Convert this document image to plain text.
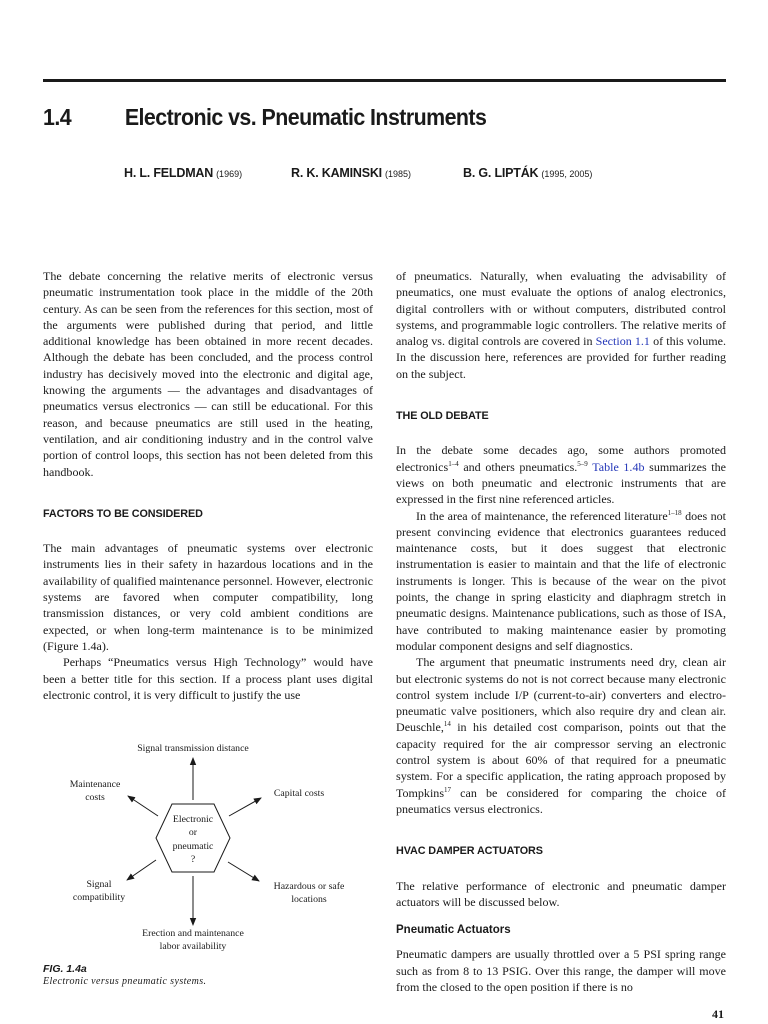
1.4 Electronic vs. Pneumatic Instruments
H. L. FELDMAN (1969)	R. K. KAMINSKI (1985)	B. G. LIPTÁK (1995, 2005)

The debate concerning the relative merits of electronic versus pneumatic instrumentation took place in the middle of the 20th century. As can be seen from the references for this section, most of the arguments were published during that period, and little additional knowledge has been obtained in more recent decades. Although the debate has been concluded, and the process control industry has decisively moved into the electronic and digital age, knowing the arguments — the advantages and disadvantages of pneumatics versus electronics — can still be educational. For this reason, and because pneumatics are still used in the heating, ventilation, and air conditioning industry and in the control valve portion of control loops, this section has not been deleted from this handbook.

FACTORS TO BE CONSIDERED

The main advantages of pneumatic systems over electronic instruments lies in their safety in hazardous locations and in the availability of qualified maintenance personnel. However, electronic systems are favored when computer compatibility, long transmission distances, or very cold ambient conditions are expected, or when long-term maintenance is to be minimized (Figure 1.4a).

Perhaps “Pneumatics versus High Technology” would have been a better title for this section. If a process plant uses digital electronic control, it is very difficult to justify the use

Electronic
or
pneumatic
?
Signal transmission distance
Maintenance
costs	Capital costs
Signal
compatibility
Hazardous or safe
locations
Erection and maintenance
labor availability
FIG. 1.4a
Electronic versus pneumatic systems.

of pneumatics. Naturally, when evaluating the advisability of pneumatics, one must evaluate the options of analog electronics, digital controllers with or without computers, distributed control systems, and programmable logic controllers. The relative merits of analog vs. digital controls are covered in Section 1.1 of this volume. In the discussion here, references are provided for further reading on the subject.

THE OLD DEBATE

In the debate some decades ago, some authors promoted electronics$^{1-4}$ and others pneumatics.$^{5-9}$ Table 1.4b summarizes the views on both pneumatic and electronic instruments that are expressed in the first nine referenced articles.

In the area of maintenance, the referenced literature$^{1-18}$ does not present convincing evidence that electronics guarantees reduced maintenance costs, but it does suggest that electronic instrumentation is easier to maintain and that the life of electronic instruments is longer. This is because of the wear on the pivot points, the change in spring elasticity and diaphragm stretch in pneumatic designs. Maintenance publications, such as those of ISA, have contributed to making maintenance easier by promoting modular component designs and self diagnostics.

The argument that pneumatic instruments need dry, clean air but electronic systems do not is not correct because many electronic control system include I/P (current-to-air) converters and electro-pneumatic valve positioners, which also require dry and clean air. Deuschle,$^{14}$ in his detailed cost comparison, points out that the capacity required for the air compressor serving an electronic control system is about 60% of that required for a pneumatic system. For a specific application, the rating approach proposed by Tompkins$^{17}$ can be considered for comparing the choice of pneumatics versus electronics.

HVAC DAMPER ACTUATORS

The relative performance of electronic and pneumatic damper actuators will be discussed below.

Pneumatic Actuators

Pneumatic dampers are usually throttled over a 5 PSI spring range such as from 8 to 13 PSIG. Over this range, the damper will move from the closed to the open position if there is no

41
